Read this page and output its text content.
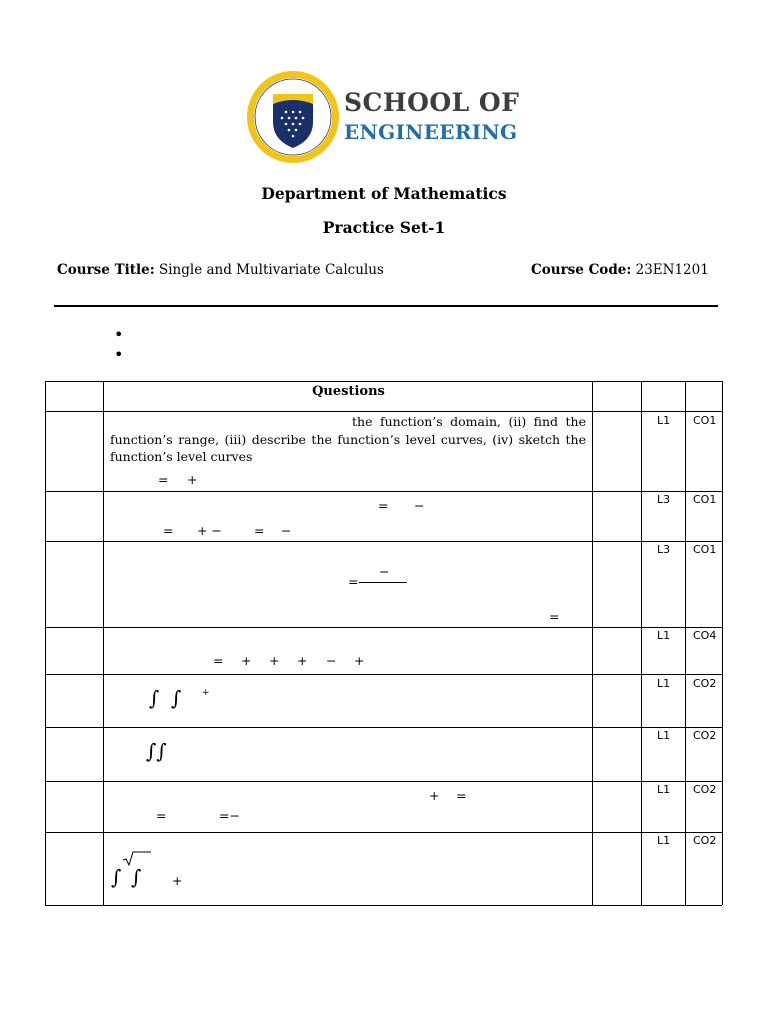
SCHOOL OF
ENGINEERING
Department of Mathematics
Practice Set-1
Course Title: Single and Multivariate Calculus	Course Code: 23EN1201
•
•
Questions
the function’s domain, (ii) find the function’s range, (iii) describe the function’s level curves, (iv) sketch the function’s level curves
= +
L1 CO1
= −
= + −	= −
L3 CO1
=
−
=
L3 CO1
= + + + − +
L1 CO4
∫ ∫ +
L1 CO2
∫∫
L1 CO2
+ =
=	=−
L1 CO2
∫ ∫ +
L1 CO2
